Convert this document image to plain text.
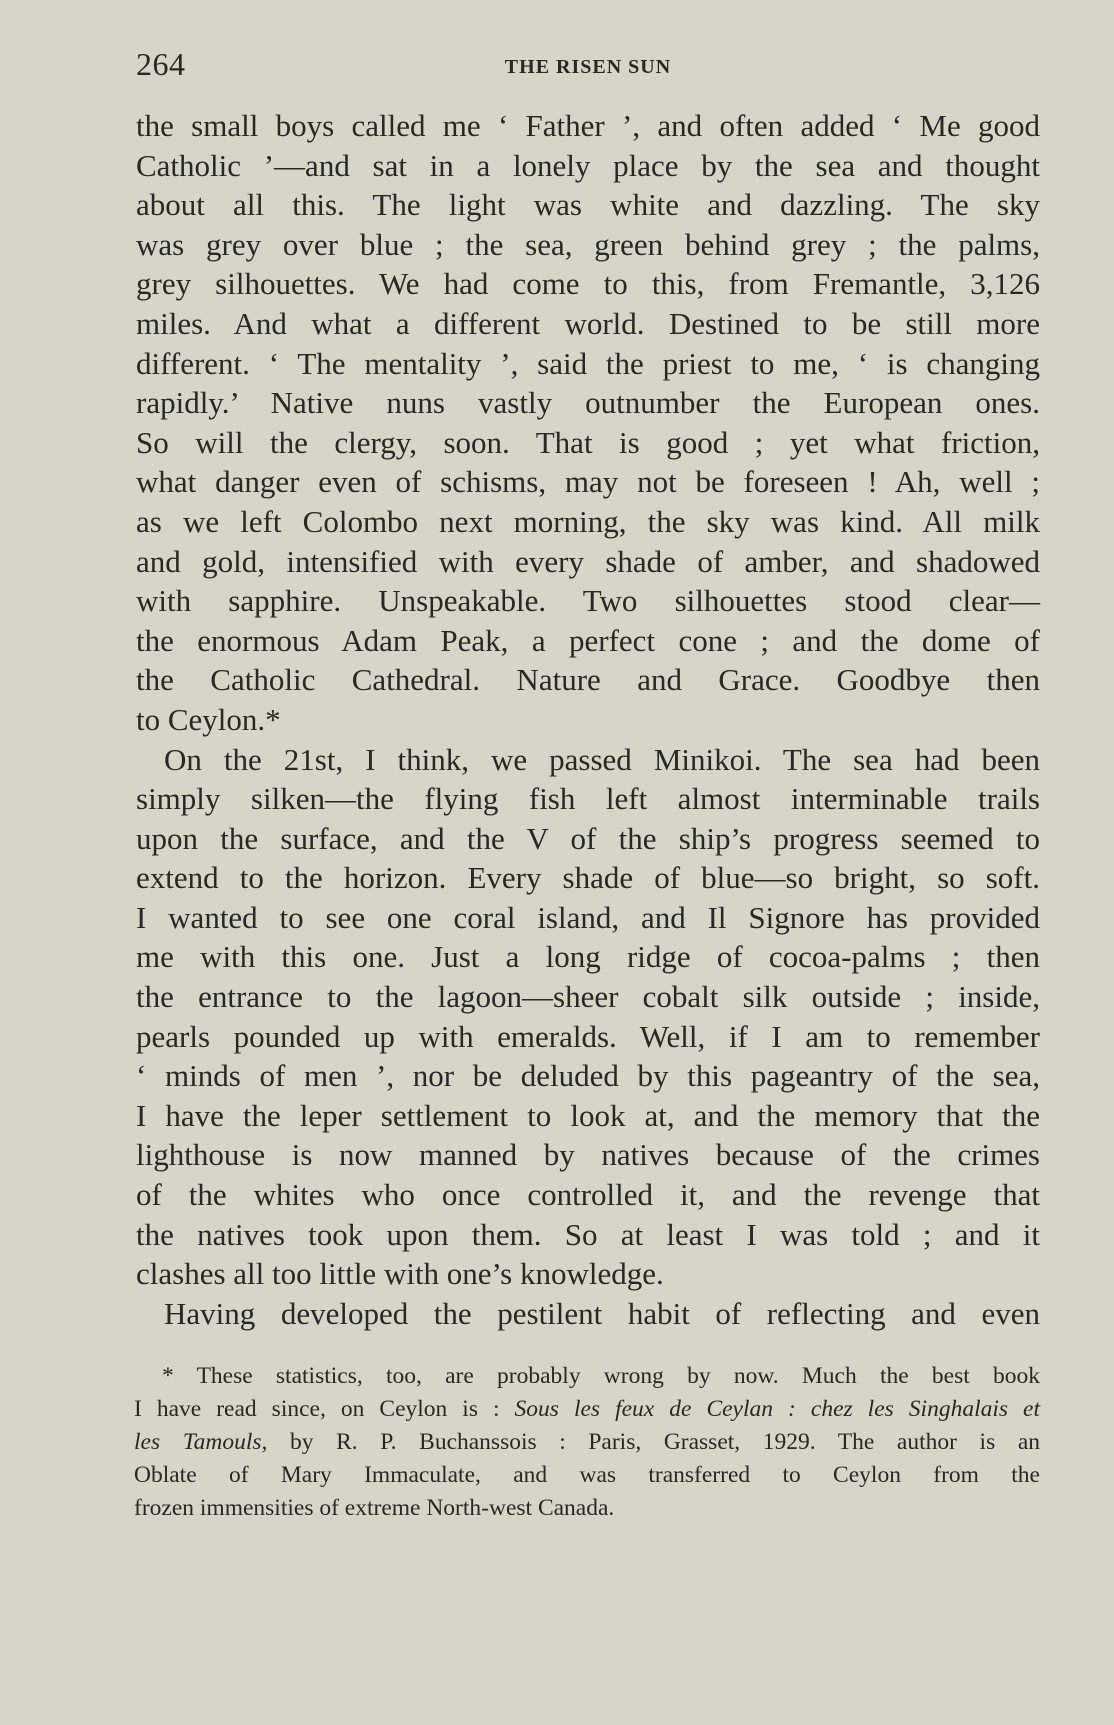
264	THE RISEN SUN
the small boys called me ‘ Father ’, and often added ‘ Me good
Catholic ’—and sat in a lonely place by the sea and thought
about all this. The light was white and dazzling. The sky
was grey over blue ; the sea, green behind grey ; the palms,
grey silhouettes. We had come to this, from Fremantle, 3,126
miles. And what a different world. Destined to be still more
different. ‘ The mentality ’, said the priest to me, ‘ is changing
rapidly.’ Native nuns vastly outnumber the European ones.
So will the clergy, soon. That is good ; yet what friction,
what danger even of schisms, may not be foreseen ! Ah, well ;
as we left Colombo next morning, the sky was kind. All milk
and gold, intensified with every shade of amber, and shadowed
with sapphire. Unspeakable. Two silhouettes stood clear—
the enormous Adam Peak, a perfect cone ; and the dome of
the Catholic Cathedral. Nature and Grace. Goodbye then
to Ceylon.*
On the 21st, I think, we passed Minikoi. The sea had been
simply silken—the flying fish left almost interminable trails
upon the surface, and the V of the ship’s progress seemed to
extend to the horizon. Every shade of blue—so bright, so soft.
I wanted to see one coral island, and Il Signore has provided
me with this one. Just a long ridge of cocoa-palms ; then
the entrance to the lagoon—sheer cobalt silk outside ; inside,
pearls pounded up with emeralds. Well, if I am to remember
‘ minds of men ’, nor be deluded by this pageantry of the sea,
I have the leper settlement to look at, and the memory that the
lighthouse is now manned by natives because of the crimes
of the whites who once controlled it, and the revenge that
the natives took upon them. So at least I was told ; and it
clashes all too little with one’s knowledge.
Having developed the pestilent habit of reflecting and even
* These statistics, too, are probably wrong by now. Much the best book
I have read since, on Ceylon is : Sous les feux de Ceylan : chez les Singhalais et
les Tamouls, by R. P. Buchanssois : Paris, Grasset, 1929. The author is an
Oblate of Mary Immaculate, and was transferred to Ceylon from the
frozen immensities of extreme North-west Canada.
